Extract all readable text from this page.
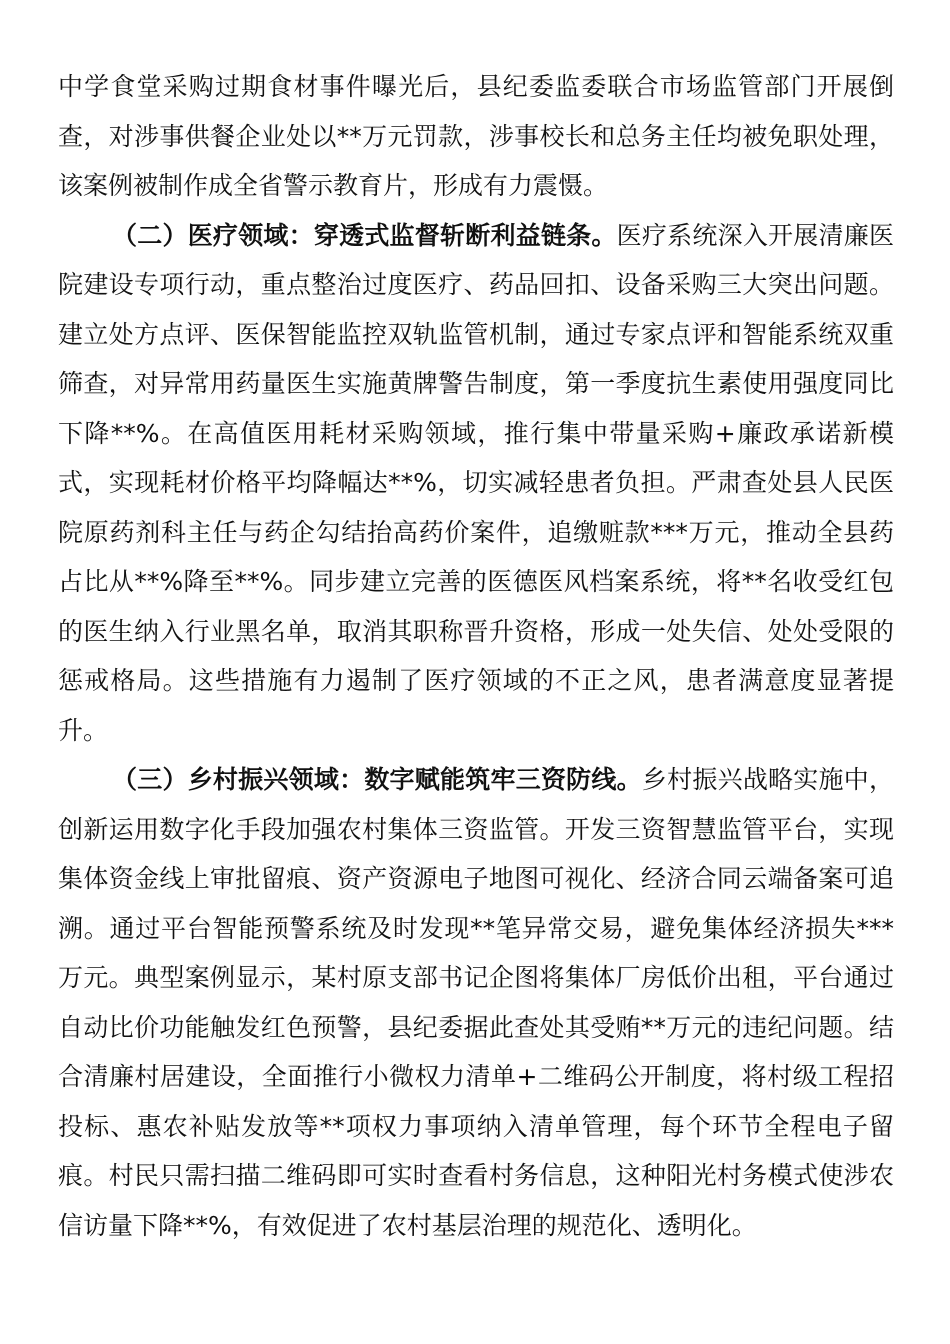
中学食堂采购过期食材事件曝光后，县纪委监委联合市场监管部门开展倒查，对涉事供餐企业处以**万元罚款，涉事校长和总务主任均被免职处理，该案例被制作成全省警示教育片，形成有力震慑。

（二）医疗领域：穿透式监督斩断利益链条。医疗系统深入开展清廉医院建设专项行动，重点整治过度医疗、药品回扣、设备采购三大突出问题。建立处方点评、医保智能监控双轨监管机制，通过专家点评和智能系统双重筛查，对异常用药量医生实施黄牌警告制度，第一季度抗生素使用强度同比下降**%。在高值医用耗材采购领域，推行集中带量采购+廉政承诺新模式，实现耗材价格平均降幅达**%，切实减轻患者负担。严肃查处县人民医院原药剂科主任与药企勾结抬高药价案件，追缴赃款***万元，推动全县药占比从**%降至**%。同步建立完善的医德医风档案系统，将**名收受红包的医生纳入行业黑名单，取消其职称晋升资格，形成一处失信、处处受限的惩戒格局。这些措施有力遏制了医疗领域的不正之风，患者满意度显著提升。

（三）乡村振兴领域：数字赋能筑牢三资防线。乡村振兴战略实施中，创新运用数字化手段加强农村集体三资监管。开发三资智慧监管平台，实现集体资金线上审批留痕、资产资源电子地图可视化、经济合同云端备案可追溯。通过平台智能预警系统及时发现**笔异常交易，避免集体经济损失***万元。典型案例显示，某村原支部书记企图将集体厂房低价出租，平台通过自动比价功能触发红色预警，县纪委据此查处其受贿**万元的违纪问题。结合清廉村居建设，全面推行小微权力清单+二维码公开制度，将村级工程招投标、惠农补贴发放等**项权力事项纳入清单管理，每个环节全程电子留痕。村民只需扫描二维码即可实时查看村务信息，这种阳光村务模式使涉农信访量下降**%，有效促进了农村基层治理的规范化、透明化。
